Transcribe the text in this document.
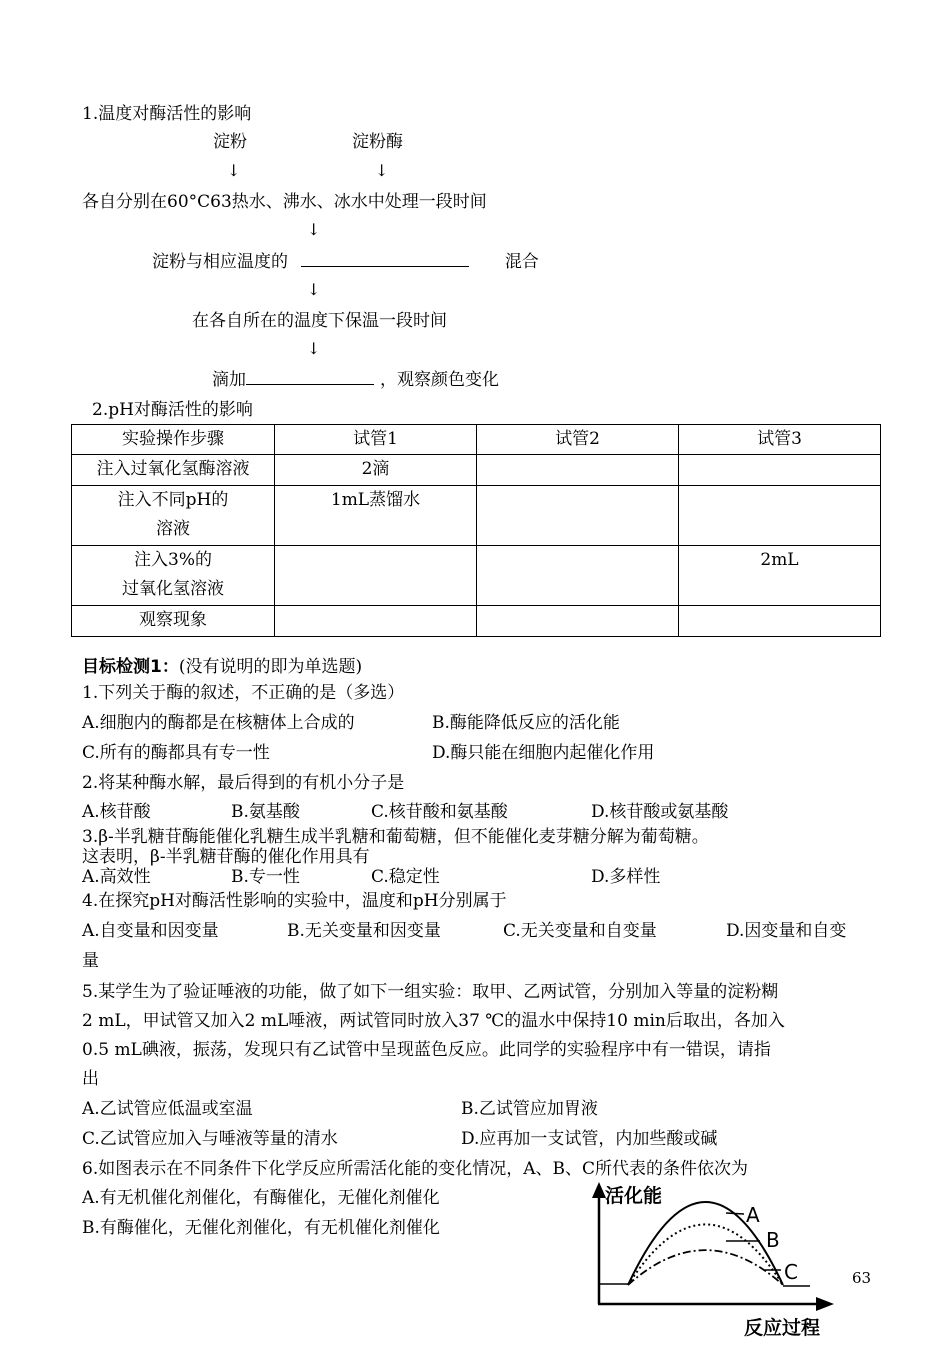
1.温度对酶活性的影响
淀粉	淀粉酶
↓	↓
各自分别在60°C63热水、沸水、冰水中处理一段时间
↓
淀粉与相应温度的	混合
↓
在各自所在的温度下保温一段时间
↓
滴加	，观察颜色变化
2.pH对酶活性的影响
实验操作步骤	试管1	试管2	试管3
注入过氧化氢酶溶液	2滴		

注入不同pH的
溶液	1mL蒸馏水		

注入3%的
过氧化氢溶液			2mL
观察现象			
目标检测1：(没有说明的即为单选题)
1.下列关于酶的叙述，不正确的是（多选）
A.细胞内的酶都是在核糖体上合成的	B.酶能降低反应的活化能
C.所有的酶都具有专一性	D.酶只能在细胞内起催化作用
2.将某种酶水解，最后得到的有机小分子是
A.核苷酸	B.氨基酸	C.核苷酸和氨基酸	D.核苷酸或氨基酸
3.β-半乳糖苷酶能催化乳糖生成半乳糖和葡萄糖，但不能催化麦芽糖分解为葡萄糖。
这表明，β-半乳糖苷酶的催化作用具有
A.高效性	B.专一性	C.稳定性	D.多样性
4.在探究pH对酶活性影响的实验中，温度和pH分别属于
A.自变量和因变量	B.无关变量和因变量	C.无关变量和自变量	D.因变量和自变
量
5.某学生为了验证唾液的功能，做了如下一组实验：取甲、乙两试管，分别加入等量的淀粉糊
2 mL，甲试管又加入2 mL唾液，两试管同时放入37 ℃的温水中保持10 min后取出，各加入
0.5 mL碘液，振荡，发现只有乙试管中呈现蓝色反应。此同学的实验程序中有一错误，请指
出
A.乙试管应低温或室温	B.乙试管应加胃液
C.乙试管应加入与唾液等量的清水	D.应再加一支试管，内加些酸或碱
6.如图表示在不同条件下化学反应所需活化能的变化情况，A、B、C所代表的条件依次为
A.有无机催化剂催化，有酶催化，无催化剂催化
B.有酶催化，无催化剂催化，有无机催化剂催化
活化能
A
B
C
反应过程
63
